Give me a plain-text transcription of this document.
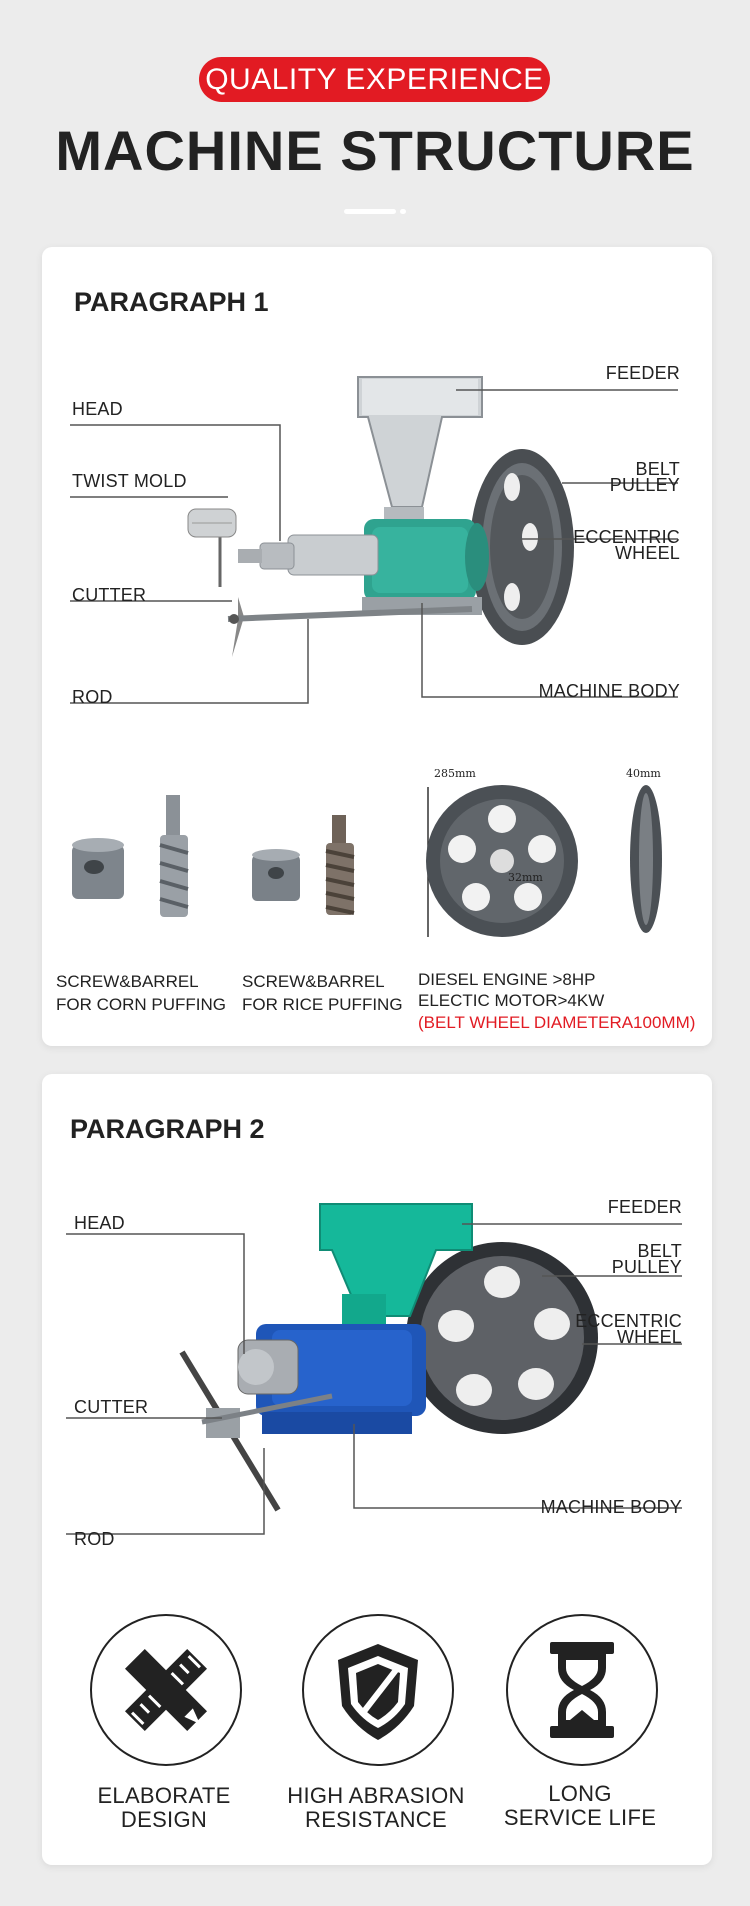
QUALITY EXPERIENCE
MACHINE STRUCTURE
PARAGRAPH 1
FEEDER
HEAD
TWIST MOLD
BELT
PULLEY
ECCENTRIC
WHEEL
CUTTER
ROD	MACHINE BODY
285mm
32mm
40mm
SCREW&BARREL
FOR CORN PUFFING
SCREW&BARREL
FOR RICE PUFFING
DIESEL ENGINE >8HP
ELECTIC MOTOR>4KW
(BELT WHEEL DIAMETERA100MM)
PARAGRAPH 2
FEEDER
HEAD
BELT
PULLEY
ECCENTRIC
WHEEL
CUTTER
MACHINE BODY
ROD
ELABORATE
DESIGN
HIGH ABRASION
RESISTANCE
LONG
SERVICE LIFE
